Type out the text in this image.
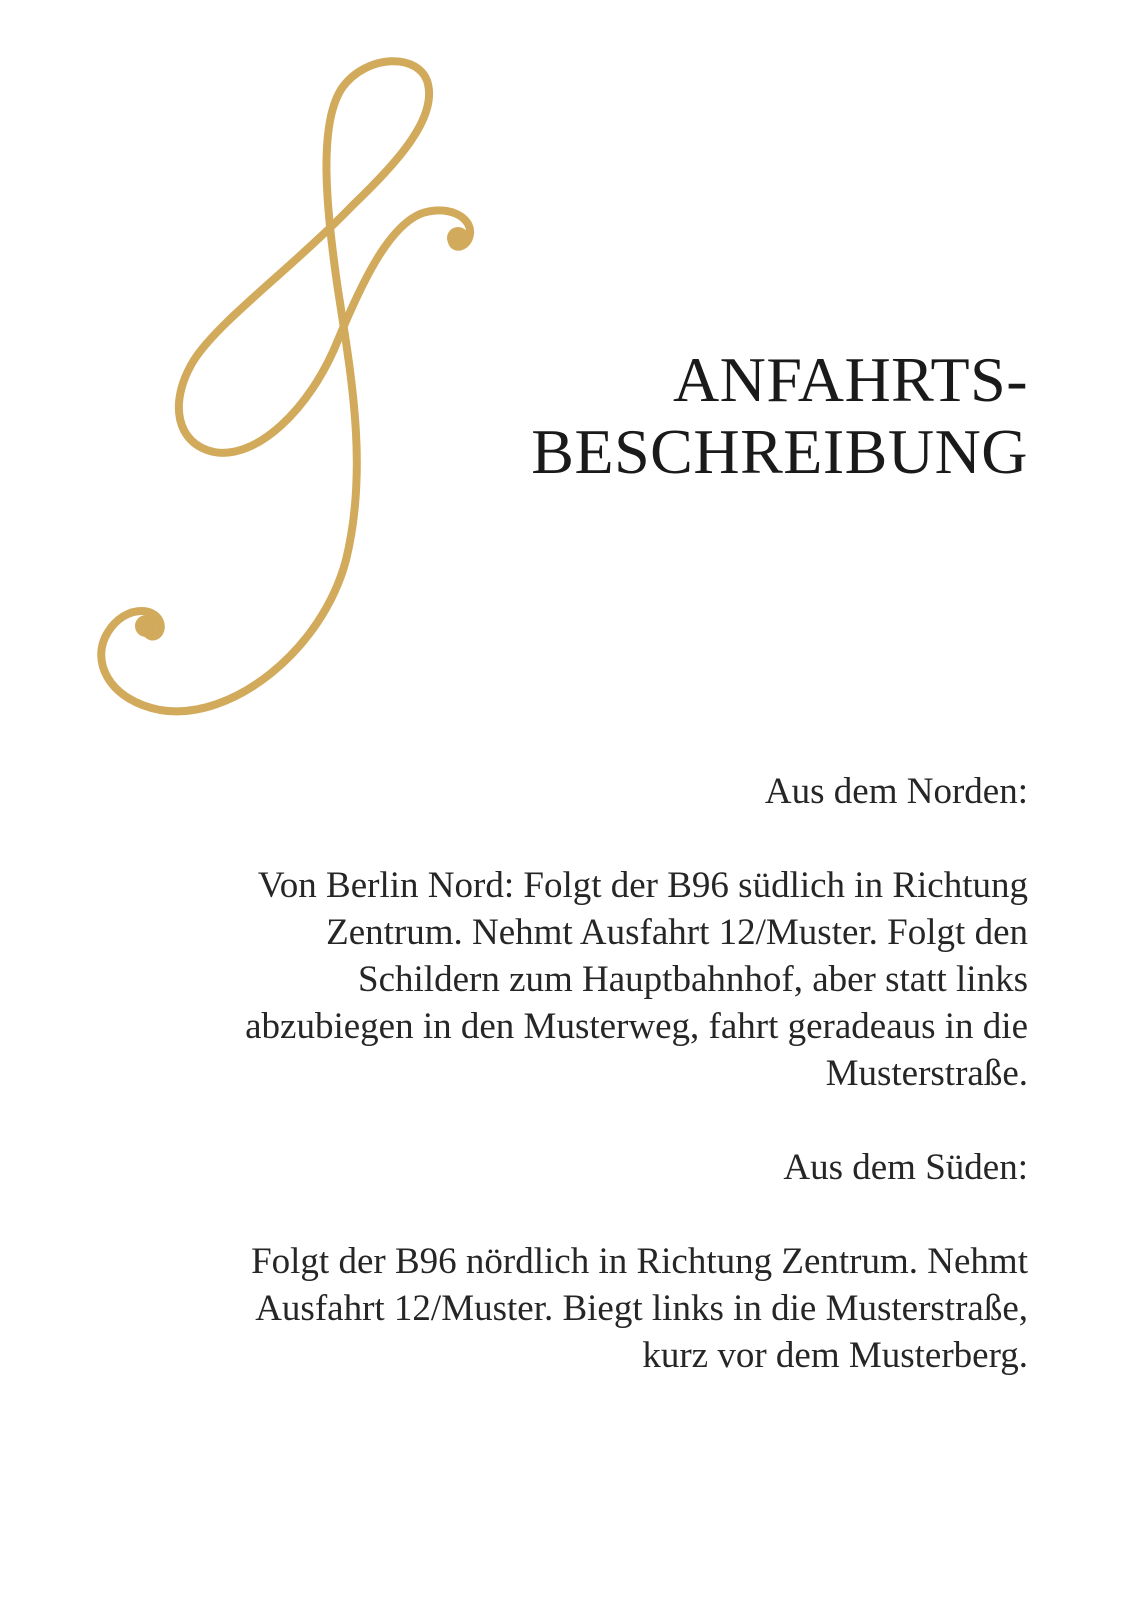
ANFAHRTS-
BESCHREIBUNG
Aus dem Norden:
Von Berlin Nord: Folgt der B96 südlich in Richtung
Zentrum. Nehmt Ausfahrt 12/Muster. Folgt den
Schildern zum Hauptbahnhof, aber statt links
abzubiegen in den Musterweg, fahrt geradeaus in die
Musterstraße.
Aus dem Süden:
Folgt der B96 nördlich in Richtung Zentrum. Nehmt
Ausfahrt 12/Muster. Biegt links in die Musterstraße,
kurz vor dem Musterberg.
